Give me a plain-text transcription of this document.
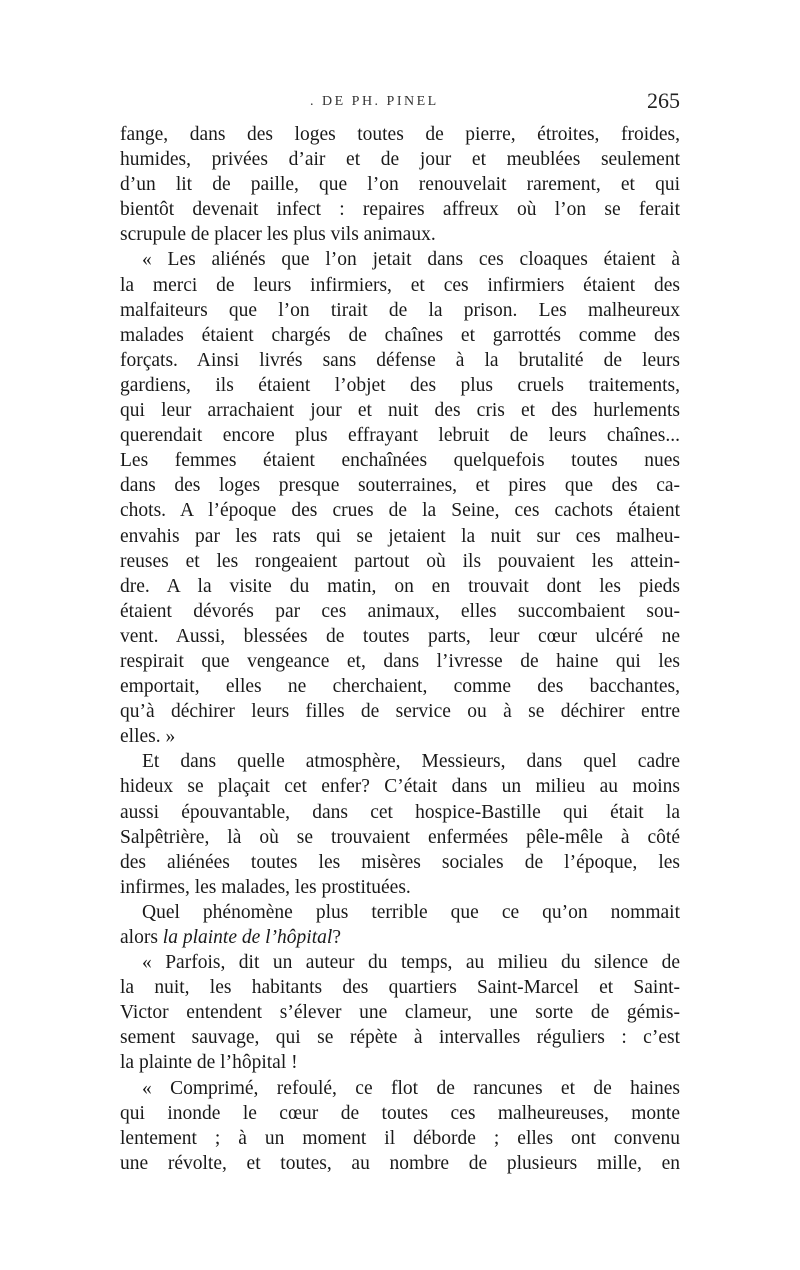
. DE PH. PINEL	265
fange, dans des loges toutes de pierre, étroites, froides,
humides, privées d’air et de jour et meublées seulement
d’un lit de paille, que l’on renouvelait rarement, et qui
bientôt devenait infect : repaires affreux où l’on se ferait
scrupule de placer les plus vils animaux.
« Les aliénés que l’on jetait dans ces cloaques étaient à
la merci de leurs infirmiers, et ces infirmiers étaient des
malfaiteurs que l’on tirait de la prison. Les malheureux
malades étaient chargés de chaînes et garrottés comme des
forçats. Ainsi livrés sans défense à la brutalité de leurs
gardiens, ils étaient l’objet des plus cruels traitements,
qui leur arrachaient jour et nuit des cris et des hurlements
querendait encore plus effrayant lebruit de leurs chaînes...
Les femmes étaient enchaînées quelquefois toutes nues
dans des loges presque souterraines, et pires que des ca-
chots. A l’époque des crues de la Seine, ces cachots étaient
envahis par les rats qui se jetaient la nuit sur ces malheu-
reuses et les rongeaient partout où ils pouvaient les attein-
dre. A la visite du matin, on en trouvait dont les pieds
étaient dévorés par ces animaux, elles succombaient sou-
vent. Aussi, blessées de toutes parts, leur cœur ulcéré ne
respirait que vengeance et, dans l’ivresse de haine qui les
emportait, elles ne cherchaient, comme des bacchantes,
qu’à déchirer leurs filles de service ou à se déchirer entre
elles. »
Et dans quelle atmosphère, Messieurs, dans quel cadre
hideux se plaçait cet enfer? C’était dans un milieu au moins
aussi épouvantable, dans cet hospice-Bastille qui était la
Salpêtrière, là où se trouvaient enfermées pêle-mêle à côté
des aliénées toutes les misères sociales de l’époque, les
infirmes, les malades, les prostituées.
Quel phénomène plus terrible que ce qu’on nommait
alors la plainte de l’hôpital?
« Parfois, dit un auteur du temps, au milieu du silence de
la nuit, les habitants des quartiers Saint-Marcel et Saint-
Victor entendent s’élever une clameur, une sorte de gémis-
sement sauvage, qui se répète à intervalles réguliers : c’est
la plainte de l’hôpital !
« Comprimé, refoulé, ce flot de rancunes et de haines
qui inonde le cœur de toutes ces malheureuses, monte
lentement ; à un moment il déborde ; elles ont convenu
une révolte, et toutes, au nombre de plusieurs mille, en
